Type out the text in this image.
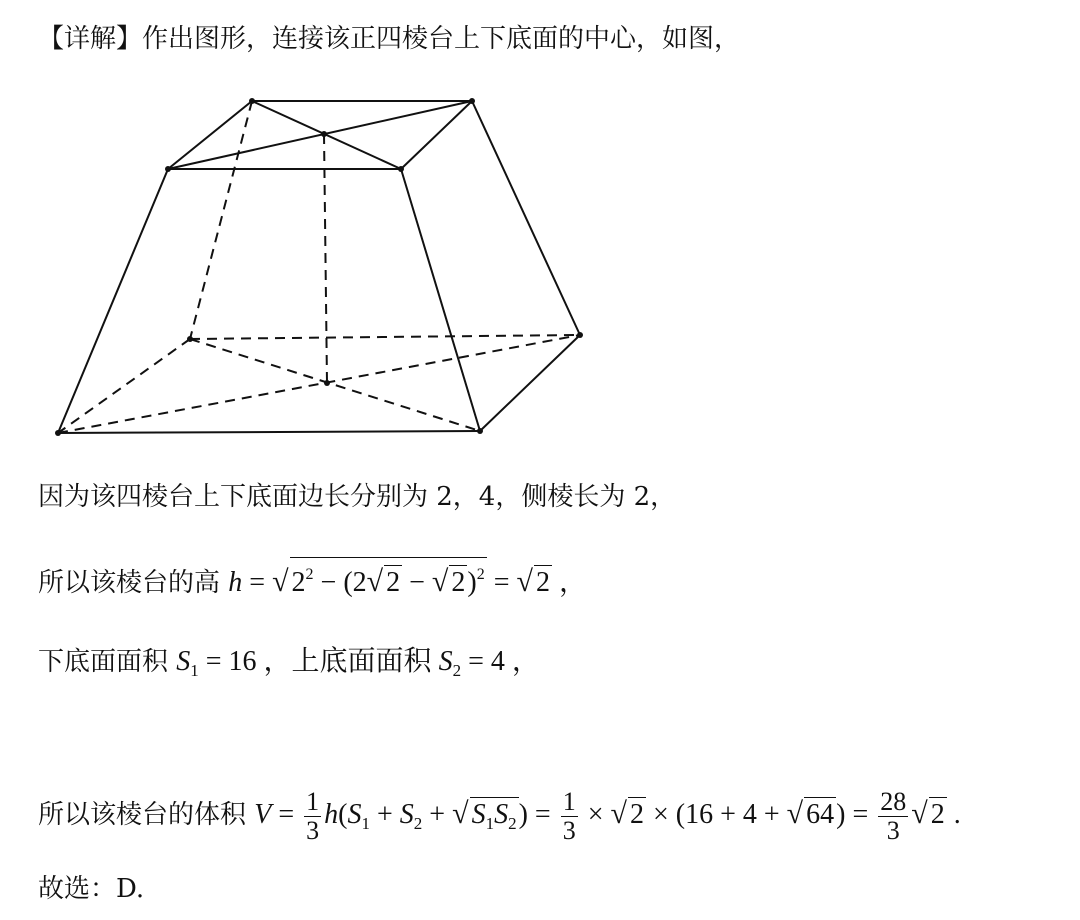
【详解】作出图形，连接该正四棱台上下底面的中心，如图，
因为该四棱台上下底面边长分别为 2，4，侧棱长为 2，
所以该棱台的高 h = √ $2^2 - (2√$ 2 − √ 2)$^2$ = √ 2 ，
下底面面积 $S_1 = 16$ ，上底面面积 $S_2 = 4$ ，
所以该棱台的体积 $V = \frac{1}{3} h(S_1 + S_2$ + √ $S_1S_2) = \frac{1}{3}$ × √ 2 × (16 + 4 + √ $64) = \frac{28}{3}$ √ 2 .
故选：D.
